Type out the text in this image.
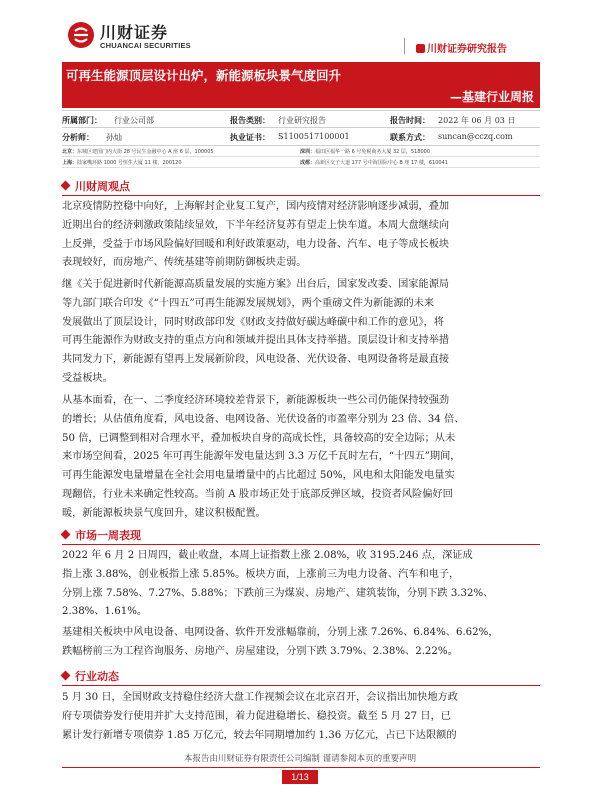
川财证券
CHUANCAI SECURITIES	川财证券研究报告
可再生能源顶层设计出炉，新能源板块景气度回升
—基建行业周报
所属部门： 行业公司部	报告类别： 行业研究报告	报告时间： 2022 年 06 月 03 日
分析师： 孙灿	执业证书： S1100517100001	联系方式： suncan@cczq.com
北京：东城区建国门内大街 28 号民生金融中心 A 座 6 层，100005	深圳：福田区福华一路 6 号免税商务大厦 32 层，518000
上海：陆家嘴环路 1000 号恒生大厦 11 楼，200120	成都：高新区交子大道 177 号中海国际中心 B 座 17 楼，610041
川财周观点
北京疫情防控稳中向好，上海解封企业复工复产，国内疫情对经济影响逐步减弱，叠加
近期出台的经济刺激政策陆续显效，下半年经济复苏有望走上快车道。本周大盘继续向
上反弹，受益于市场风险偏好回暖和利好政策驱动，电力设备、汽车、电子等成长板块
表现较好，而房地产、传统基建等前期防御板块走弱。
继《关于促进新时代新能源高质量发展的实施方案》出台后，国家发改委、国家能源局
等九部门联合印发《“十四五”可再生能源发展规划》，两个重磅文件为新能源的未来
发展做出了顶层设计，同时财政部印发《财政支持做好碳达峰碳中和工作的意见》，将
可再生能源作为财政支持的重点方向和领域并提出具体支持举措。顶层设计和支持举措
共同发力下，新能源有望再上发展新阶段，风电设备、光伏设备、电网设备将是最直接
受益板块。
从基本面看，在一、二季度经济环境较差背景下，新能源板块一些公司仍能保持较强劲
的增长；从估值角度看，风电设备、电网设备、光伏设备的市盈率分别为 23 倍、34 倍、
50 倍，已调整到相对合理水平，叠加板块自身的高成长性，具备较高的安全边际；从未
来市场空间看，2025 年可再生能源年发电量达到 3.3 万亿千瓦时左右，“十四五”期间，
可再生能源发电量增量在全社会用电量增量中的占比超过 50%，风电和太阳能发电量实
现翻倍，行业未来确定性较高。当前 A 股市场正处于底部反弹区域，投资者风险偏好回
暖，新能源板块景气度回升，建议积极配置。
市场一周表现
2022 年 6 月 2 日周四，截止收盘，本周上证指数上涨 2.08%，收 3195.246 点，深证成
指上涨 3.88%，创业板指上涨 5.85%。板块方面，上涨前三为电力设备、汽车和电子，
分别上涨 7.58%、7.27%、5.88%；下跌前三为煤炭、房地产、建筑装饰，分别下跌 3.32%、
2.38%、1.61%。
基建相关板块中风电设备、电网设备、软件开发涨幅靠前，分别上涨 7.26%、6.84%、6.62%，
跌幅榜前三为工程咨询服务、房地产、房屋建设，分别下跌 3.79%、2.38%、2.22%。
行业动态
5 月 30 日，全国财政支持稳住经济大盘工作视频会议在北京召开，会议指出加快地方政
府专项债券发行使用并扩大支持范围，着力促进稳增长、稳投资。截至 5 月 27 日，已
累计发行新增专项债券 1.85 万亿元，较去年同期增加约 1.36 万亿元，占已下达限额的
本报告由川财证券有限责任公司编制 谨请参阅本页的重要声明
1/13
